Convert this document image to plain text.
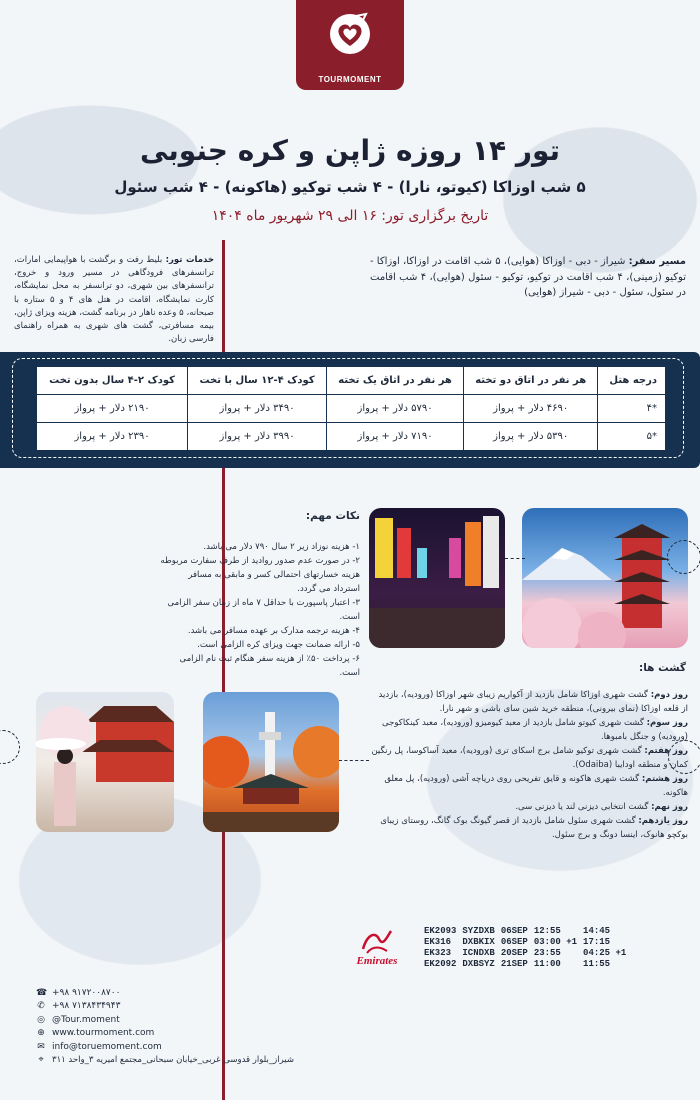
TOURMOMENT
تور ۱۴ روزه ژاپن و کره جنوبی
۵ شب اوزاکا (کیوتو، نارا) - ۴ شب توکیو (هاکونه) - ۴ شب سئول
تاریخ برگزاری تور: ۱۶ الی ۲۹ شهریور ماه ۱۴۰۴
مسیر سفر: شیراز - دبی - اوزاکا (هوایی)، ۵ شب اقامت در اوزاکا، اوزاکا - توکیو (زمینی)، ۴ شب اقامت در توکیو، توکیو - سئول (هوایی)، ۴ شب اقامت در سئول، سئول - دبی - شیراز (هوایی)
خدمات تور: بلیط رفت و برگشت با هواپیمایی امارات، ترانسفرهای فرودگاهی در مسیر ورود و خروج، ترانسفرهای بین شهری، دو ترانسفر به محل نمایشگاه، کارت نمایشگاه، اقامت در هتل های ۴ و ۵ ستاره با صبحانه، ۵ وعده ناهار در برنامه گشت، هزینه ویزای ژاپن، بیمه مسافرتی، گشت های شهری به همراه راهنمای فارسی زبان.
درجه هتل	هر نفر در اتاق دو تخته	هر نفر در اتاق یک تخته	کودک ۴-۱۲ سال با تخت	کودک ۲-۴ سال بدون تخت
*۴	۴۶۹۰ دلار + پرواز	۵۷۹۰ دلار + پرواز	۳۴۹۰ دلار + پرواز	۲۱۹۰ دلار + پرواز
*۵	۵۳۹۰ دلار + پرواز	۷۱۹۰ دلار + پرواز	۳۹۹۰ دلار + پرواز	۲۳۹۰ دلار + پرواز
نکات مهم:
۱- هزینه نوزاد زیر ۲ سال ۷۹۰ دلار می باشد.
۲- در صورت عدم صدور روادید از طرف سفارت مربوطه هزینه خسارتهای احتمالی کسر و مابقی به مسافر استرداد می گردد.
۳- اعتبار پاسپورت با حداقل ۷ ماه از زمان سفر الزامی است.
۴- هزینه ترجمه مدارک بر عهده مسافر می باشد.
۵- ارائه ضمانت جهت ویزای کره الزامی است.
۶- پرداخت ۵۰٪ از هزینه سفر هنگام ثبت نام الزامی است.	گشت ها:
روز دوم: گشت شهری اوزاکا شامل بازدید از آکواریم زیبای شهر اوزاکا (ورودیه)، بازدید از قلعه اوزاکا (نمای بیرونی)، منطقه خرید شین سای باشی و شهر نارا.
روز سوم: گشت شهری کیوتو شامل بازدید از معبد کیومیزو (ورودیه)، معبد کینکاکوجی (ورودیه) و جنگل بامبوها.
روز هفتم: گشت شهری توکیو شامل برج اسکای تری (ورودیه)، معبد آساکوسا، پل رنگین کمان و منطقه اودایبا (Odaiba).
روز هشتم: گشت شهری هاکونه و قایق تفریحی روی دریاچه آشی (ورودیه)، پل معلق هاکونه.
روز نهم: گشت انتخابی دیزنی لند یا دیزنی سی.
روز یازدهم: گشت شهری سئول شامل بازدید از قصر گیونگ بوک گانگ، روستای زیبای بوکچو هانوک، اینسا دونگ و برج سئول.
Emirates
EK2093	SYZDXB	06SEP	12:55	14:45
EK316	DXBKIX	06SEP	03:00 +1	17:15
EK323	ICNDXB	20SEP	23:55	04:25 +1
EK2092	DXBSYZ	21SEP	11:00	11:55
☎ +۹۸ ۹۱۷۲۰۰۸۷۰۰
✆ +۹۸ ۷۱۳۸۴۳۴۹۴۳
◎ @Tour.moment
⊕ www.tourmoment.com
✉ info@toruemoment.com
⌖ شیراز_بلوار قدوسی غربی_خیابان سبحانی_مجتمع امیریه ۳_واحد ۳۱۱
